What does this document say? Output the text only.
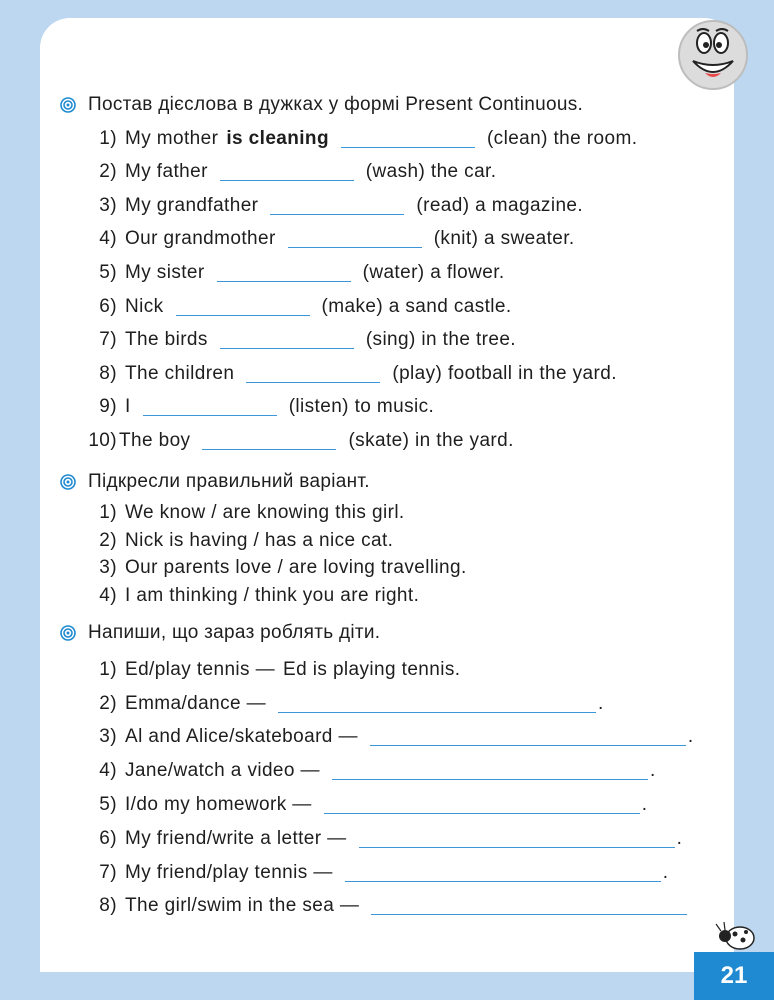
21
Постав дієслова в дужках у формі Present Continuous.
1) My mother is cleaning	(clean) the room.
2) My father	(wash) the car.
3) My grandfather	(read) a magazine.
4) Our grandmother	(knit) a sweater.
5) My sister	(water) a flower.
6) Nick	(make) a sand castle.
7) The birds	(sing) in the tree.
8) The children	(play) football in the yard.
9) I	(listen) to music.
10) The boy	(skate) in the yard.
Підкресли правильний варіант.
1) We know / are knowing this girl.
2) Nick is having / has a nice cat.
3) Our parents love / are loving travelling.
4) I am thinking / think you are right.
Напиши, що зараз роблять діти.
1) Ed/play tennis — Ed is playing tennis.
2) Emma/dance —	.
3) Al and Alice/skateboard —	.
4) Jane/watch a video —	.
5) I/do my homework —	.
6) My friend/write a letter —	.
7) My friend/play tennis —	.
8) The girl/swim in the sea —
